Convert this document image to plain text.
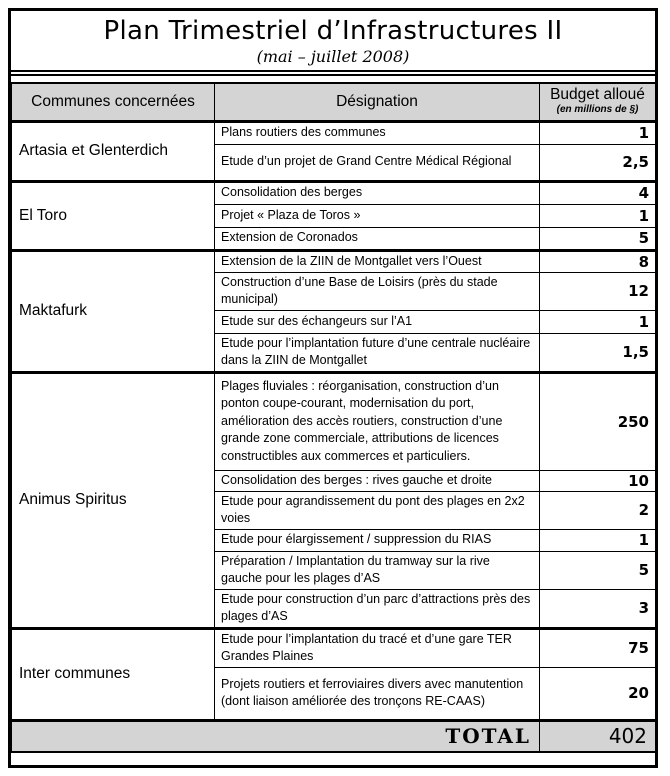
Plan Trimestriel d’Infrastructures II
(mai – juillet 2008)
Communes concernées	Désignation	Budget alloué
(en millions de §)

Artasia et Glenterdich	Plans routiers des communes	1
	Etude d’un projet de Grand Centre Médical Régional	2,5
El Toro	Consolidation des berges	4
	Projet « Plaza de Toros »	1
	Extension de Coronados	5
Maktafurk	Extension de la ZIIN de Montgallet vers l’Ouest	8
	Construction d’une Base de Loisirs (près du stade municipal)	12
	Etude sur des échangeurs sur l’A1	1
	Etude pour l’implantation future d’une centrale nucléaire dans la ZIIN de Montgallet	1,5
Animus Spiritus	Plages fluviales : réorganisation, construction d’un ponton coupe-courant, modernisation du port, amélioration des accès routiers, construction d’une grande zone commerciale, attributions de licences constructibles aux commerces et particuliers.	250
	Consolidation des berges : rives gauche et droite	10
	Etude pour agrandissement du pont des plages en 2x2 voies	2
	Etude pour élargissement / suppression du RIAS	1
	Préparation / Implantation du tramway sur la rive gauche pour les plages d’AS	5
	Etude pour construction d’un parc d’attractions près des plages d’AS	3
Inter communes	Etude pour l’implantation du tracé et d’une gare TER Grandes Plaines	75
	Projets routiers et ferroviaires divers avec manutention (dont liaison améliorée des tronçons RE-CAAS)	20
TOTAL		402
